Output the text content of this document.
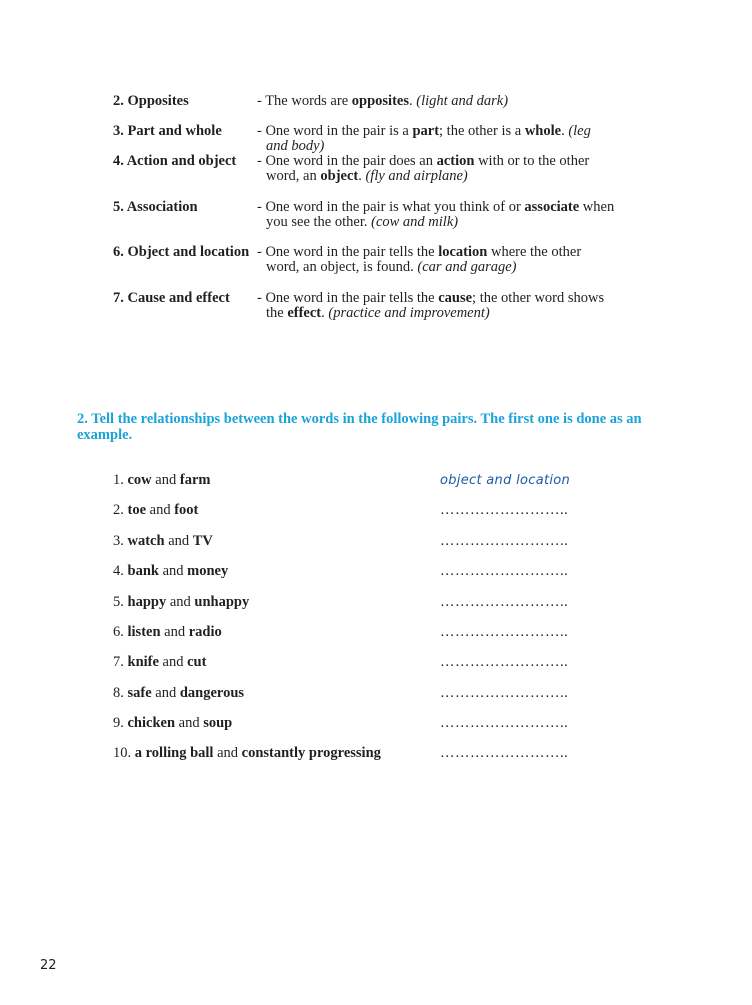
2. Opposites	- The words are opposites. (light and dark)
3. Part and whole - One word in the pair is a part; the other is a whole. (leg
and body)
4. Action and object - One word in the pair does an action with or to the other
word, an object. (fly and airplane)
5. Association	- One word in the pair is what you think of or associate when
you see the other. (cow and milk)
6. Object and location - One word in the pair tells the location where the other
word, an object, is found. (car and garage)
7. Cause and effect - One word in the pair tells the cause; the other word shows
the effect. (practice and improvement)
2. Tell the relationships between the words in the following pairs. The first one is done as an example.
1. cow and farm	object and location
2. toe and foot	……………………..
3. watch and TV	……………………..
4. bank and money	……………………..
5. happy and unhappy	……………………..
6. listen and radio	……………………..
7. knife and cut	……………………..
8. safe and dangerous	……………………..
9. chicken and soup	……………………..
10. a rolling ball and constantly progressing	……………………..
22
